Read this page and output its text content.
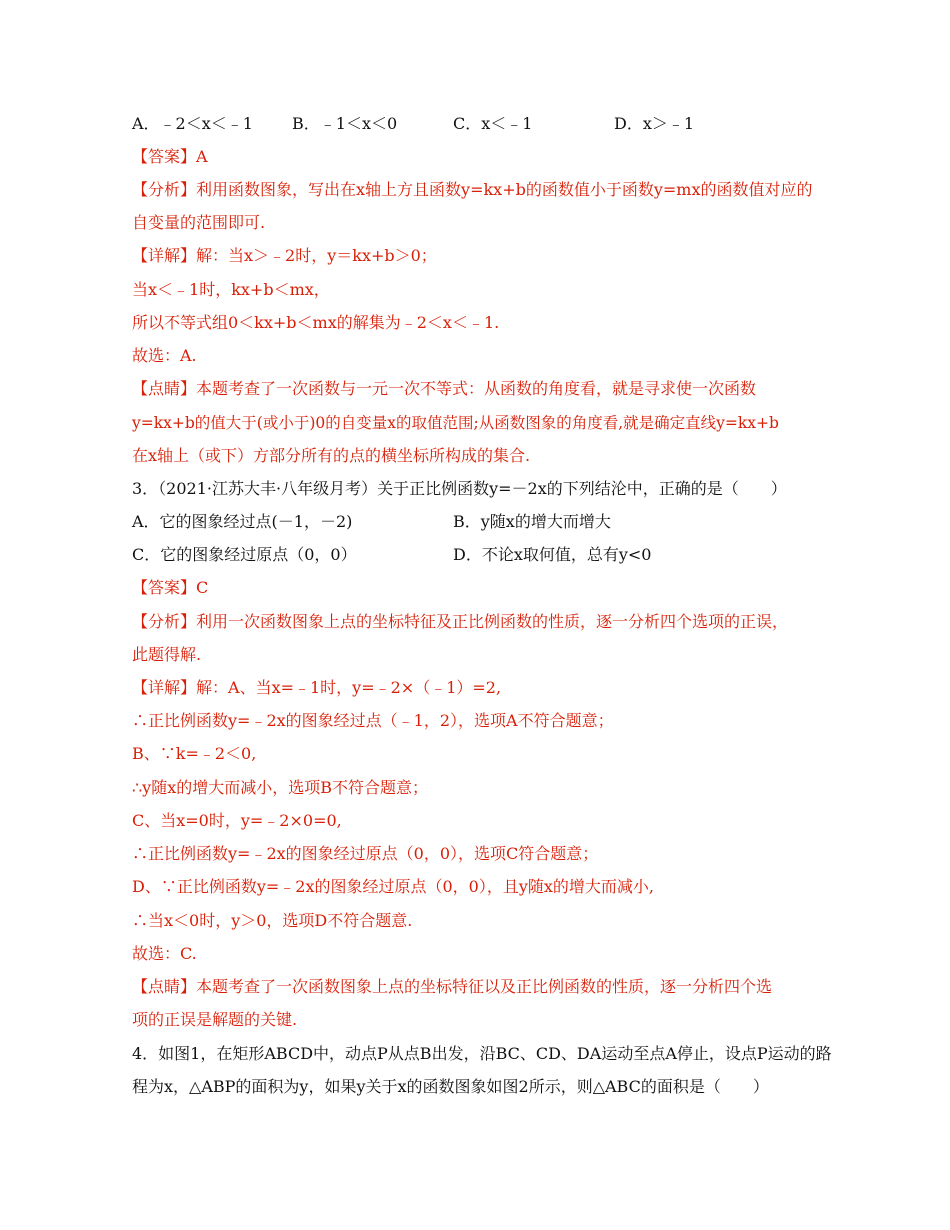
A．﹣2＜x＜﹣1 B．﹣1＜x＜0	C．x＜﹣1	D．x＞﹣1
【答案】A
【分析】利用函数图象，写出在x轴上方且函数y=kx+b的函数值小于函数y=mx的函数值对应的
自变量的范围即可.
【详解】解：当x＞﹣2时，y＝kx+b＞0；
当x＜﹣1时，kx+b＜mx，
所以不等式组0＜kx+b＜mx的解集为﹣2＜x＜﹣1.
故选：A.
【点睛】本题考查了一次函数与一元一次不等式：从函数的角度看，就是寻求使一次函数
y=kx+b的值大于(或小于)0的自变量x的取值范围;从函数图象的角度看,就是确定直线y=kx+b
在x轴上（或下）方部分所有的点的横坐标所构成的集合.
3．（2021·江苏大丰·八年级月考）关于正比例函数y=－2x的下列结沦中，正确的是（　　）
A．它的图象经过点(－1，－2)	B．y随x的增大而增大
C．它的图象经过原点（0，0）	D．不论x取何值，总有y<0
【答案】C
【分析】利用一次函数图象上点的坐标特征及正比例函数的性质，逐一分析四个选项的正误，
此题得解.
【详解】解：A、当x=﹣1时，y=﹣2×（﹣1）=2,
∴正比例函数y=﹣2x的图象经过点（﹣1，2），选项A不符合题意；
B、∵k=﹣2＜0,
∴y随x的增大而减小，选项B不符合题意；
C、当x=0时，y=﹣2×0=0,
∴正比例函数y=﹣2x的图象经过原点（0，0），选项C符合题意；
D、∵正比例函数y=﹣2x的图象经过原点（0，0），且y随x的增大而减小,
∴当x＜0时，y＞0，选项D不符合题意.
故选：C.
【点睛】本题考查了一次函数图象上点的坐标特征以及正比例函数的性质，逐一分析四个选
项的正误是解题的关键.
4．如图1，在矩形ABCD中，动点P从点B出发，沿BC、CD、DA运动至点A停止，设点P运动的路
程为x，△ABP的面积为y，如果y关于x的函数图象如图2所示，则△ABC的面积是（　　）
